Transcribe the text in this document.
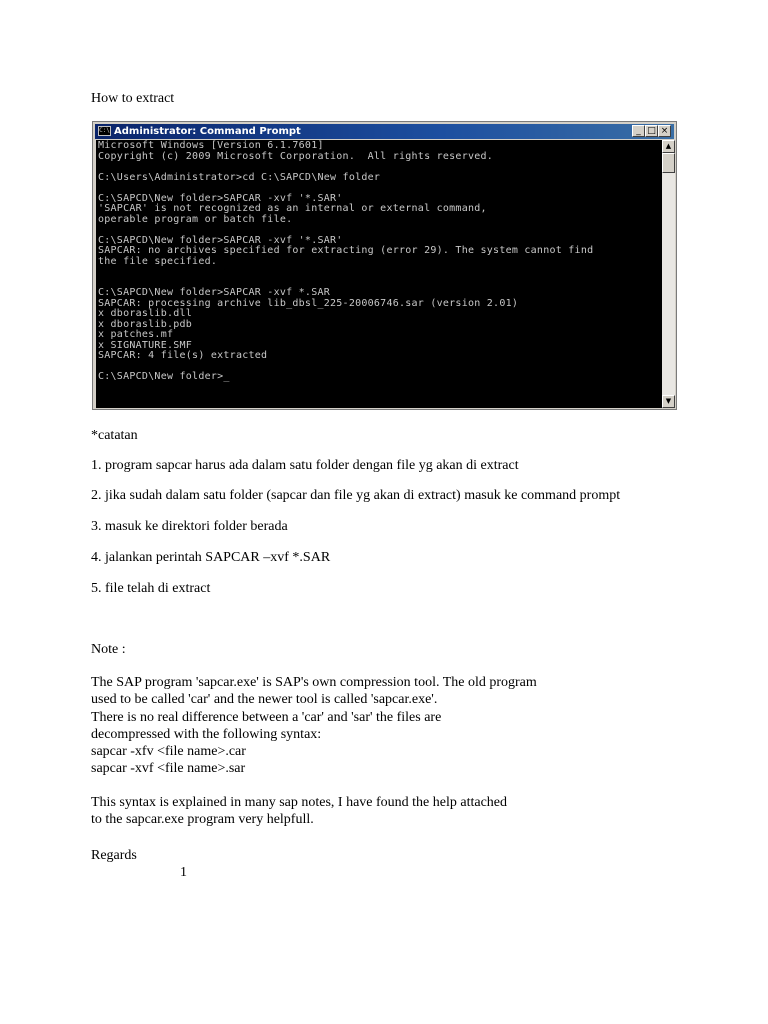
How to extract
C:\ Administrator: Command Prompt	_ □ ×
Microsoft Windows [Version 6.1.7601]
Copyright (c) 2009 Microsoft Corporation.  All rights reserved.

C:\Users\Administrator>cd C:\SAPCD\New folder

C:\SAPCD\New folder>SAPCAR -xvf '*.SAR'
'SAPCAR' is not recognized as an internal or external command,
operable program or batch file.

C:\SAPCD\New folder>SAPCAR -xvf '*.SAR'
SAPCAR: no archives specified for extracting (error 29). The system cannot find
the file specified.

C:\SAPCD\New folder>SAPCAR -xvf *.SAR
SAPCAR: processing archive lib_dbsl_225-20006746.sar (version 2.01)
x dboraslib.dll
x dboraslib.pdb
x patches.mf
x SIGNATURE.SMF
SAPCAR: 4 file(s) extracted

C:\SAPCD\New folder>_
▲
▼
*catatan
1. program sapcar harus ada dalam satu folder dengan file yg akan di extract
2. jika sudah dalam satu folder (sapcar dan file yg akan di extract) masuk ke command prompt
3. masuk ke direktori folder berada
4. jalankan perintah SAPCAR –xvf *.SAR
5. file telah di extract
Note :
The SAP program 'sapcar.exe' is SAP's own compression tool. The old program
used to be called 'car' and the newer tool is called 'sapcar.exe'.
There is no real difference between a 'car' and 'sar' the files are
decompressed with the following syntax:
sapcar -xfv <file name>.car
sapcar -xvf <file name>.sar
This syntax is explained in many sap notes, I have found the help attached
to the sapcar.exe program very helpfull.
Regards
1
